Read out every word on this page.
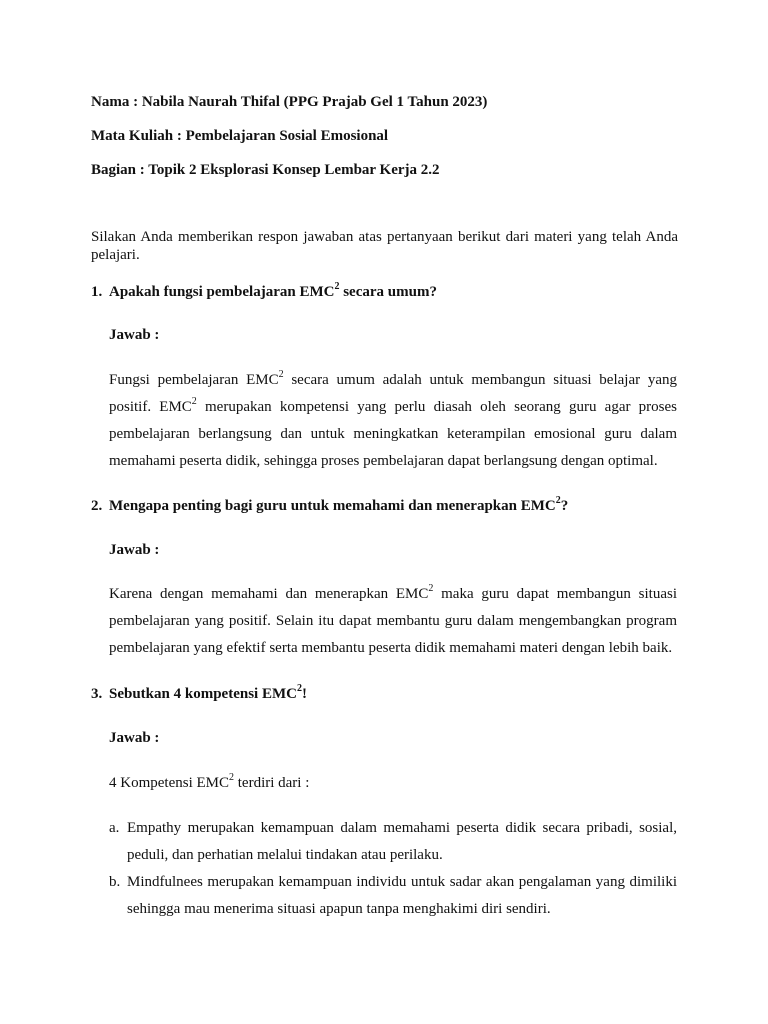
Nama : Nabila Naurah Thifal (PPG Prajab Gel 1 Tahun 2023)
Mata Kuliah : Pembelajaran Sosial Emosional
Bagian : Topik 2 Eksplorasi Konsep Lembar Kerja 2.2
Silakan Anda memberikan respon jawaban atas pertanyaan berikut dari materi yang telah Anda
pelajari.
1. Apakah fungsi pembelajaran EMC$^2$ secara umum?
Jawab :
Fungsi pembelajaran EMC$^2$ secara umum adalah untuk membangun situasi belajar yang
positif. EMC$^2$ merupakan kompetensi yang perlu diasah oleh seorang guru agar proses
pembelajaran berlangsung dan untuk meningkatkan keterampilan emosional guru dalam
memahami peserta didik, sehingga proses pembelajaran dapat berlangsung dengan optimal.
2. Mengapa penting bagi guru untuk memahami dan menerapkan EMC$^2$?
Jawab :
Karena dengan memahami dan menerapkan EMC$^2$ maka guru dapat membangun situasi
pembelajaran yang positif. Selain itu dapat membantu guru dalam mengembangkan program
pembelajaran yang efektif serta membantu peserta didik memahami materi dengan lebih baik.
3. Sebutkan 4 kompetensi EMC$^2$!
Jawab :
4 Kompetensi EMC$^2$ terdiri dari :
a. Empathy merupakan kemampuan dalam memahami peserta didik secara pribadi, sosial,
peduli, dan perhatian melalui tindakan atau perilaku.
b. Mindfulnees merupakan kemampuan individu untuk sadar akan pengalaman yang dimiliki
sehingga mau menerima situasi apapun tanpa menghakimi diri sendiri.
